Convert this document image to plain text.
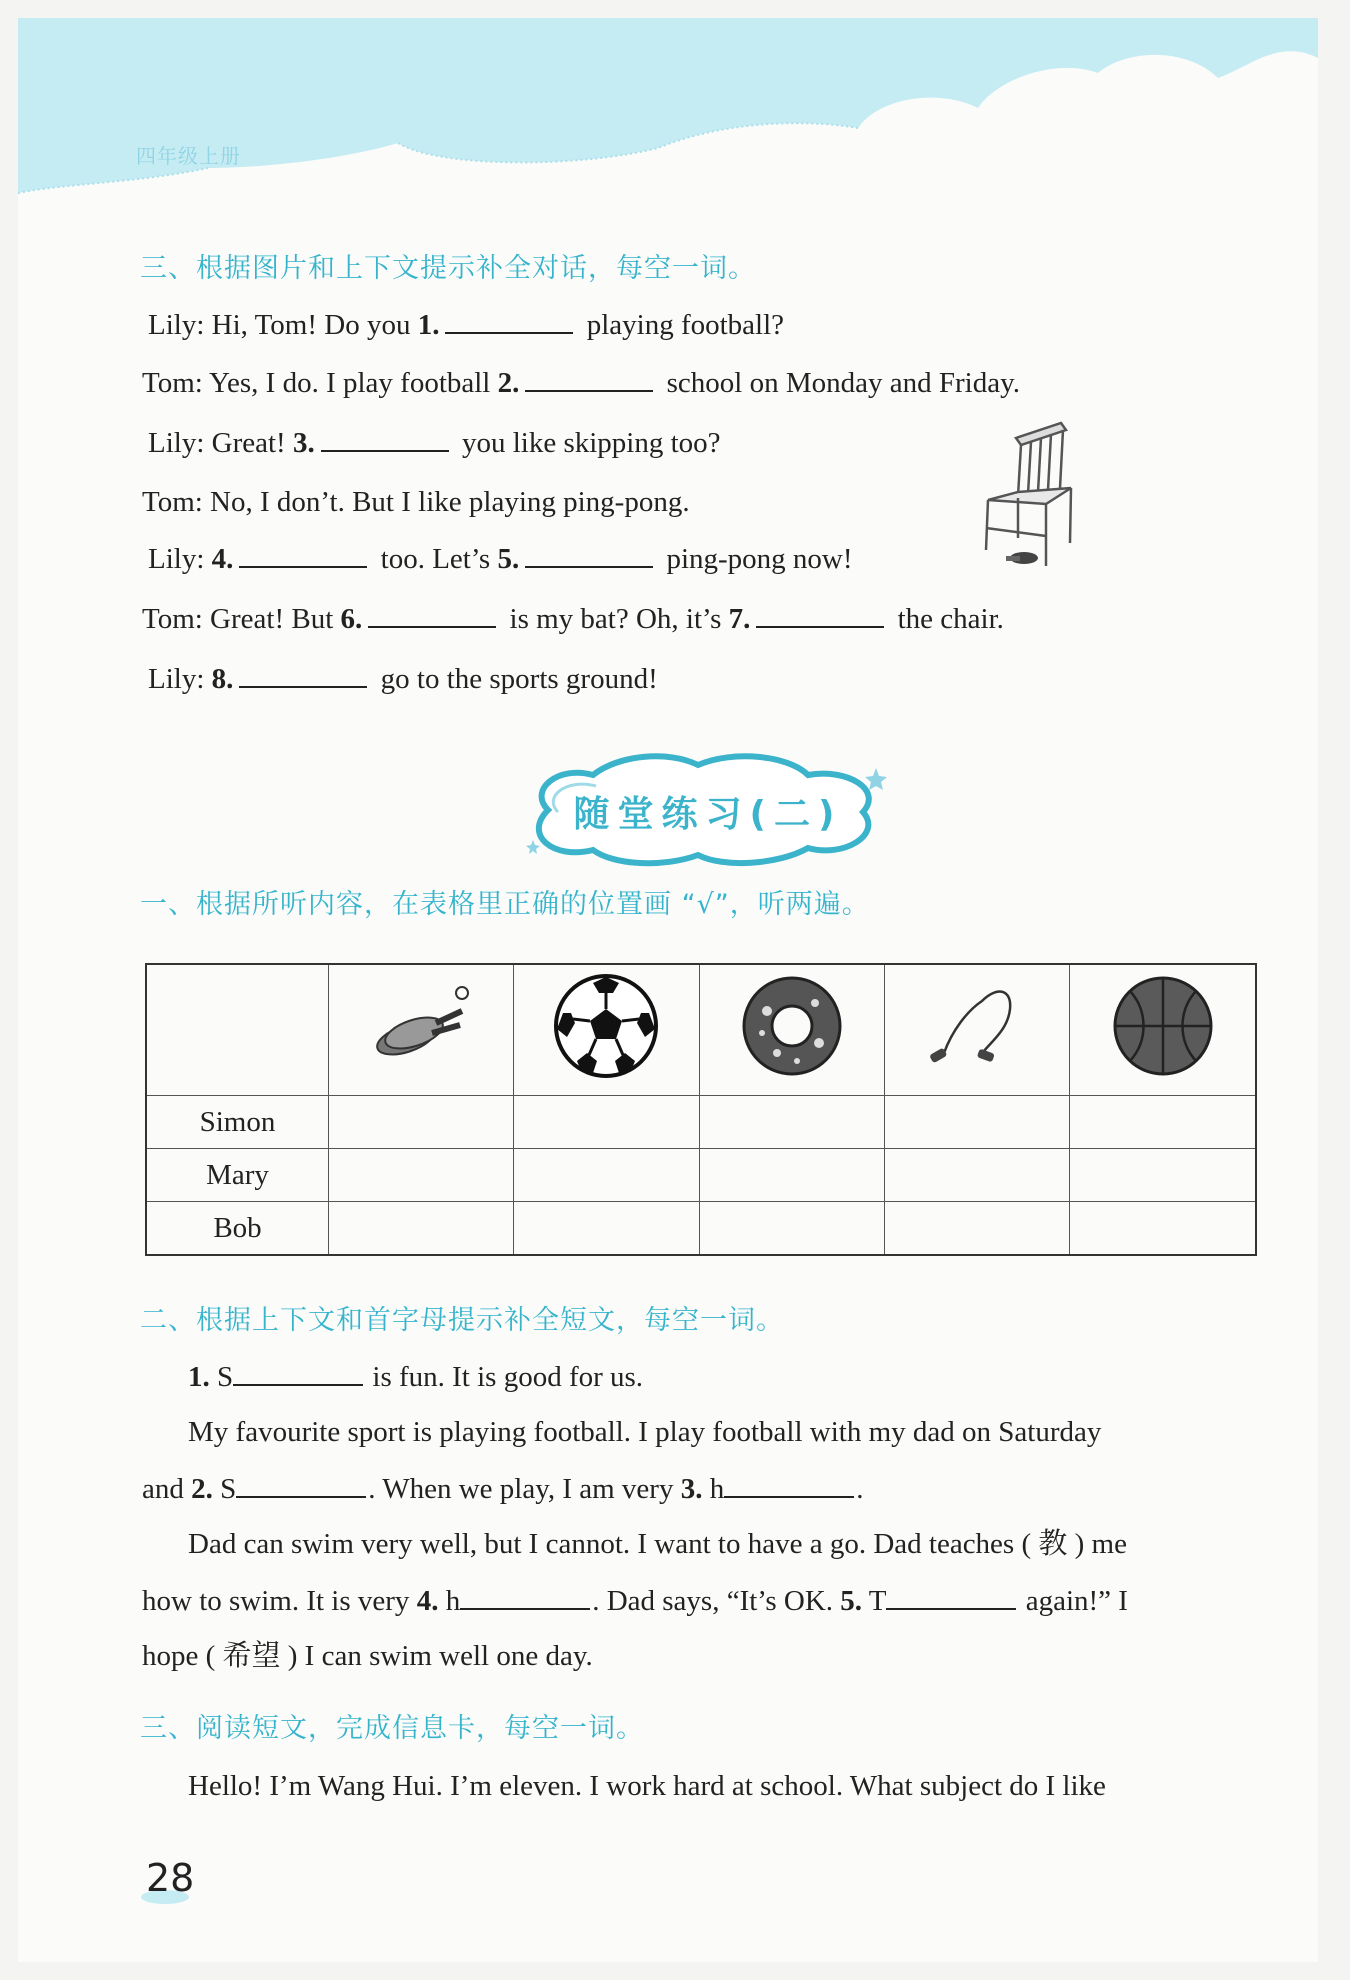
四年级上册
三、根据图片和上下文提示补全对话，每空一词。
Lily: Hi, Tom! Do you 1.	playing football?
Tom: Yes, I do. I play football 2.	school on Monday and Friday.
Lily: Great! 3.	you like skipping too?
Tom: No, I don’t. But I like playing ping-pong.
Lily: 4.	too. Let’s 5.	ping-pong now!
Tom: Great! But 6.	is my bat? Oh, it’s 7.	the chair.
Lily: 8.	go to the sports ground!
随堂练习(二)
一、根据所听内容，在表格里正确的位置画 “√”，听两遍。

Simon					
Mary					
Bob					
二、根据上下文和首字母提示补全短文，每空一词。
1. S	is fun. It is good for us.
My favourite sport is playing football. I play football with my dad on Saturday
and 2. S	. When we play, I am very 3. h	.
Dad can swim very well, but I cannot. I want to have a go. Dad teaches ( 教 ) me
how to swim. It is very 4. h	. Dad says, “It’s OK. 5. T	again!” I
hope ( 希望 ) I can swim well one day.
三、阅读短文，完成信息卡，每空一词。
Hello! I’m Wang Hui. I’m eleven. I work hard at school. What subject do I like
28
